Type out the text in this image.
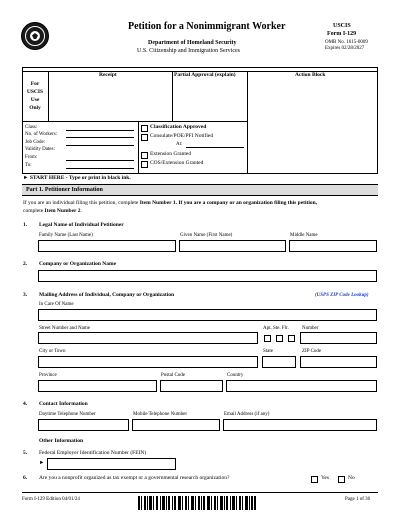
Petition for a Nonimmigrant Worker
Department of Homeland Security
U.S. Citizenship and Immigration Services
USCIS
Form I-129
OMB No. 1615-0009
Expires 02/28/2027
For
USCIS
Use
Only
Receipt	Partial Approval (explain)	Action Block
Class:
No. of Workers:
Job Code:
Validity Dates:
From:
To:
Classification Approved
Consulate/POE/PFI Notified
At:
Extension Granted
COS/Extension Granted
► START HERE - Type or print in black ink.
Part 1. Petitioner Information
If you are an individual filing this petition, complete Item Number 1. If you are a company or an organization filing this petition,
complete Item Number 2.
1. Legal Name of Individual Petitioner
Family Name (Last Name)	Given Name (First Name)	Middle Name
2. Company or Organization Name
3. Mailing Address of Individual, Company or Organization	(USPS ZIP Code Lookup)
In Care Of Name
Street Number and Name	Apt. Ste. Flr.	Number
City or Town	State	ZIP Code
Province	Postal Code	Country
4. Contact Information
Daytime Telephone Number	Mobile Telephone Number	Email Address (if any)
Other Information
5. Federal Employer Identification Number (FEIN)
►
6. Are you a nonprofit organized as tax exempt or a governmental research organization?	Yes	No
Form I-129 Edition 04/01/24	Page 1 of 36
